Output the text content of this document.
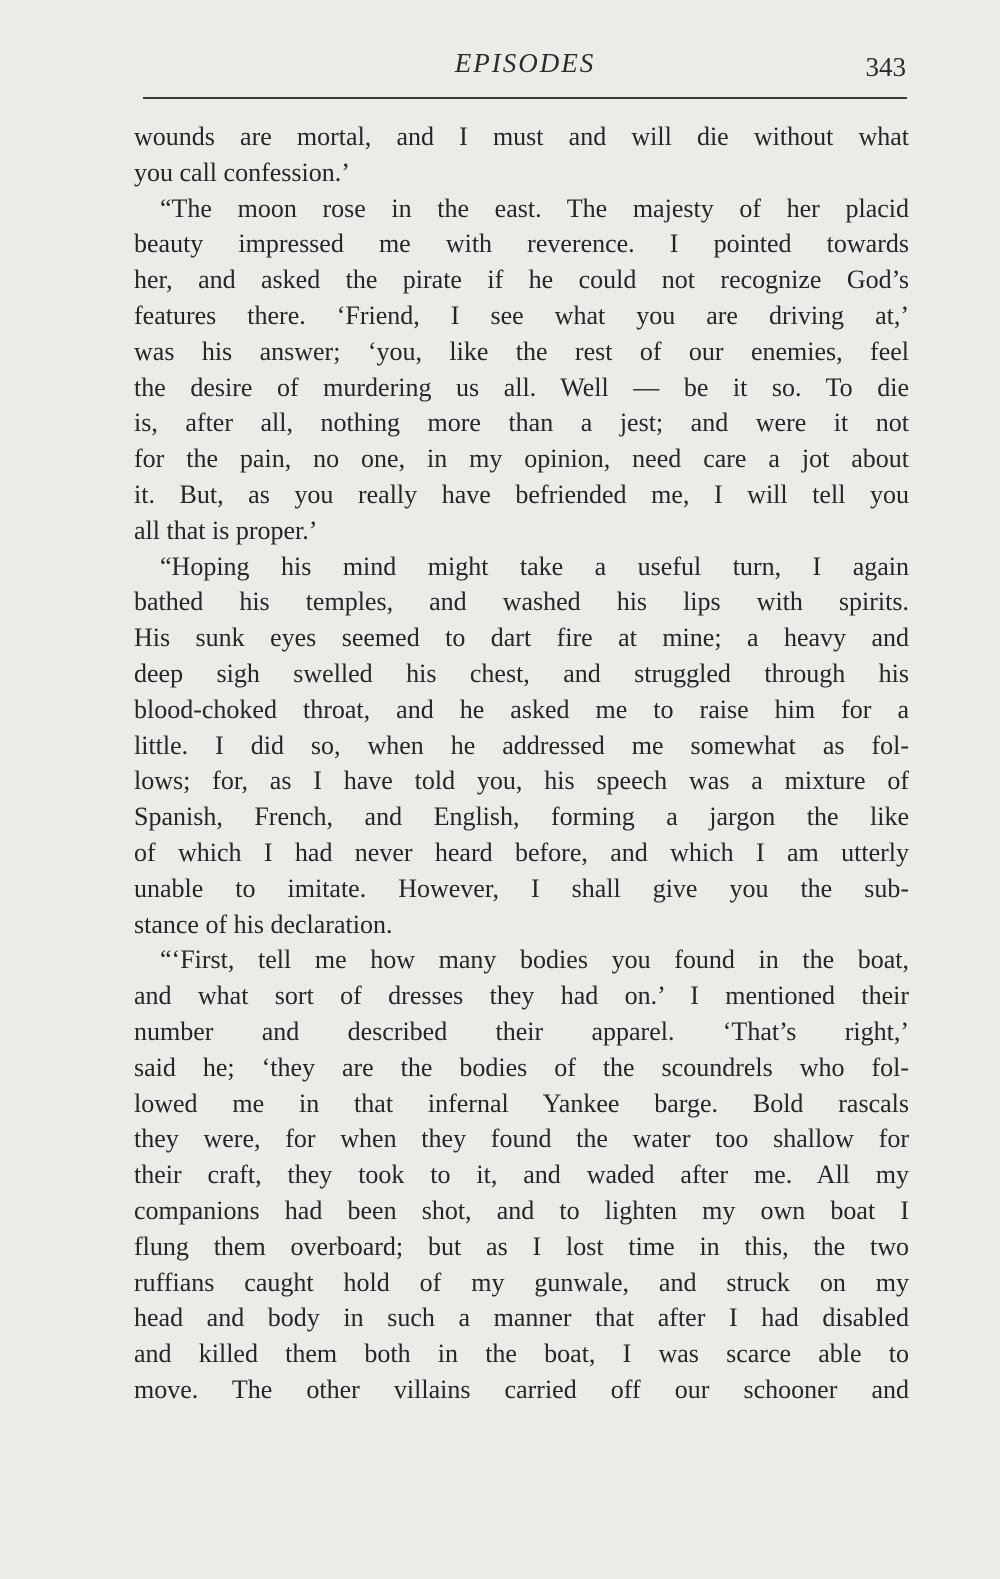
EPISODES	343
wounds are mortal, and I must and will die without what
you call confession.’
“The moon rose in the east. The majesty of her placid
beauty impressed me with reverence. I pointed towards
her, and asked the pirate if he could not recognize God’s
features there. ‘Friend, I see what you are driving at,’
was his answer; ‘you, like the rest of our enemies, feel
the desire of murdering us all. Well — be it so. To die
is, after all, nothing more than a jest; and were it not
for the pain, no one, in my opinion, need care a jot about
it. But, as you really have befriended me, I will tell you
all that is proper.’
“Hoping his mind might take a useful turn, I again
bathed his temples, and washed his lips with spirits.
His sunk eyes seemed to dart fire at mine; a heavy and
deep sigh swelled his chest, and struggled through his
blood-choked throat, and he asked me to raise him for a
little. I did so, when he addressed me somewhat as fol-
lows; for, as I have told you, his speech was a mixture of
Spanish, French, and English, forming a jargon the like
of which I had never heard before, and which I am utterly
unable to imitate. However, I shall give you the sub-
stance of his declaration.
“‘First, tell me how many bodies you found in the boat,
and what sort of dresses they had on.’ I mentioned their
number and described their apparel. ‘That’s right,’
said he; ‘they are the bodies of the scoundrels who fol-
lowed me in that infernal Yankee barge. Bold rascals
they were, for when they found the water too shallow for
their craft, they took to it, and waded after me. All my
companions had been shot, and to lighten my own boat I
flung them overboard; but as I lost time in this, the two
ruffians caught hold of my gunwale, and struck on my
head and body in such a manner that after I had disabled
and killed them both in the boat, I was scarce able to
move. The other villains carried off our schooner and
